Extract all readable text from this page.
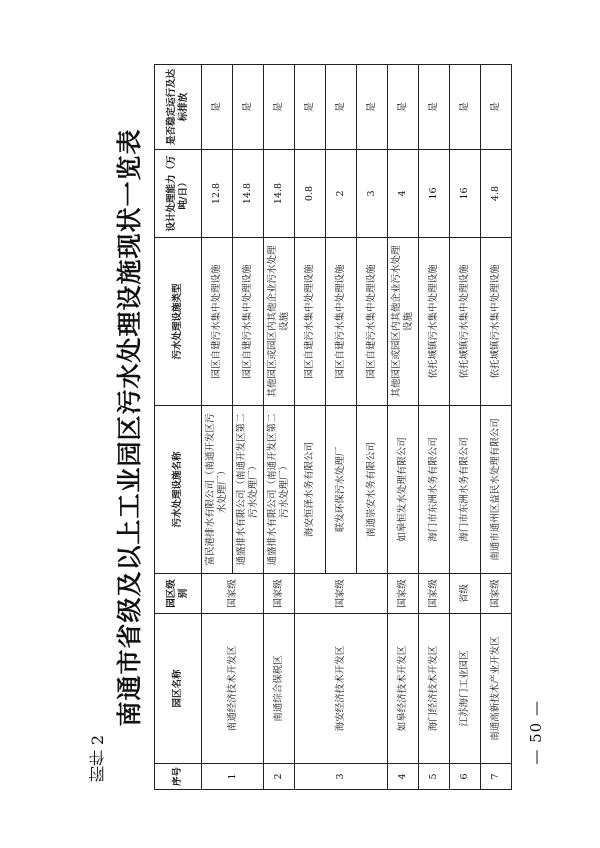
附件 2	— 50 —
南通市省级及以上工业园区污水处理设施现状一览表
序号	园区名称	园区级别	污水处理设施名称	污水处理设施类型	设计处理能力（万吨/日）	是否稳定运行及达标排放
1	南通经济技术开发区	国家级	富民港排水有限公司（南通开发区污水处理厂）	园区自建污水集中处理设施	12.8	是
			通盛排水有限公司（南通开发区第二污水处理厂）	园区自建污水集中处理设施	14.8	是
2	南通综合保税区	国家级	通盛排水有限公司（南通开发区第二污水处理厂）	其他园区或园区内其他企业污水处理设施	14.8	是
3	海安经济技术开发区	国家级	海安恒泽水务有限公司	园区自建污水集中处理设施	0.8	是
			联发环保污水处理厂	园区自建污水集中处理设施	2	是
			南通崇安水务有限公司	园区自建污水集中处理设施	3	是
4	如皋经济技术开发区	国家级	如皋恒发水处理有限公司	其他园区或园区内其他企业污水处理设施	4	是
5	海门经济技术开发区	国家级	海门市东洲水务有限公司	依托城镇污水集中处理设施	16	是
6	江苏海门工业园区	省级	海门市东洲水务有限公司	依托城镇污水集中处理设施	16	是
7	南通高新技术产业开发区	国家级	南通市通州区益民水处理有限公司	依托城镇污水集中处理设施	4.8	是
